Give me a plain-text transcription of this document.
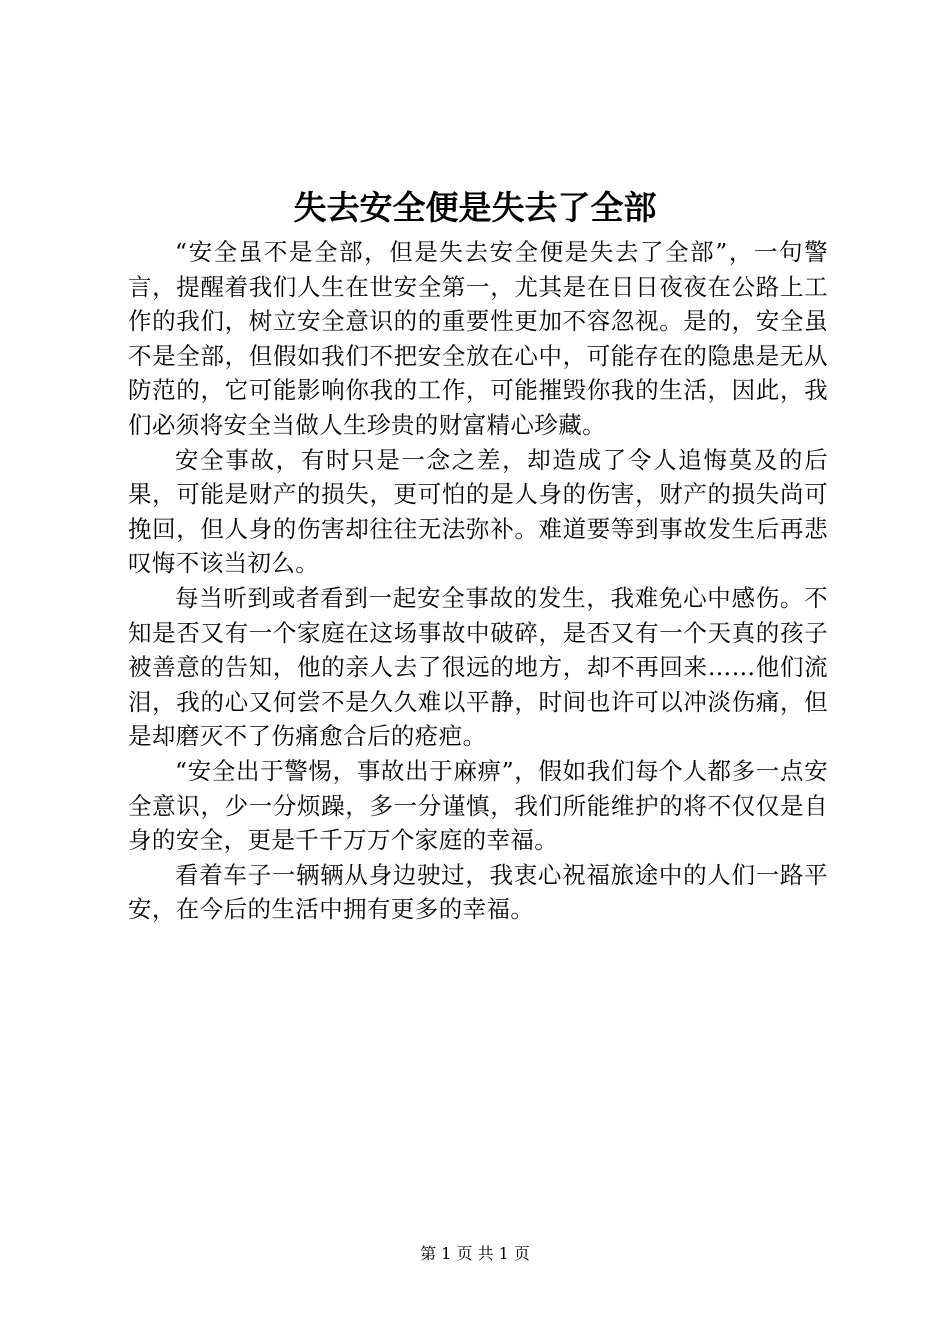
失去安全便是失去了全部

“安全虽不是全部，但是失去安全便是失去了全部”，一句警言，提醒着我们人生在世安全第一，尤其是在日日夜夜在公路上工作的我们，树立安全意识的的重要性更加不容忽视。是的，安全虽不是全部，但假如我们不把安全放在心中，可能存在的隐患是无从防范的，它可能影响你我的工作，可能摧毁你我的生活，因此，我们必须将安全当做人生珍贵的财富精心珍藏。

安全事故，有时只是一念之差，却造成了令人追悔莫及的后果，可能是财产的损失，更可怕的是人身的伤害，财产的损失尚可挽回，但人身的伤害却往往无法弥补。难道要等到事故发生后再悲叹悔不该当初么。

每当听到或者看到一起安全事故的发生，我难免心中感伤。不知是否又有一个家庭在这场事故中破碎，是否又有一个天真的孩子被善意的告知，他的亲人去了很远的地方，却不再回来……他们流泪，我的心又何尝不是久久难以平静，时间也许可以冲淡伤痛，但是却磨灭不了伤痛愈合后的疮疤。

“安全出于警惕，事故出于麻痹”，假如我们每个人都多一点安全意识，少一分烦躁，多一分谨慎，我们所能维护的将不仅仅是自身的安全，更是千千万万个家庭的幸福。

看着车子一辆辆从身边驶过，我衷心祝福旅途中的人们一路平安，在今后的生活中拥有更多的幸福。

第 1 页 共 1 页
